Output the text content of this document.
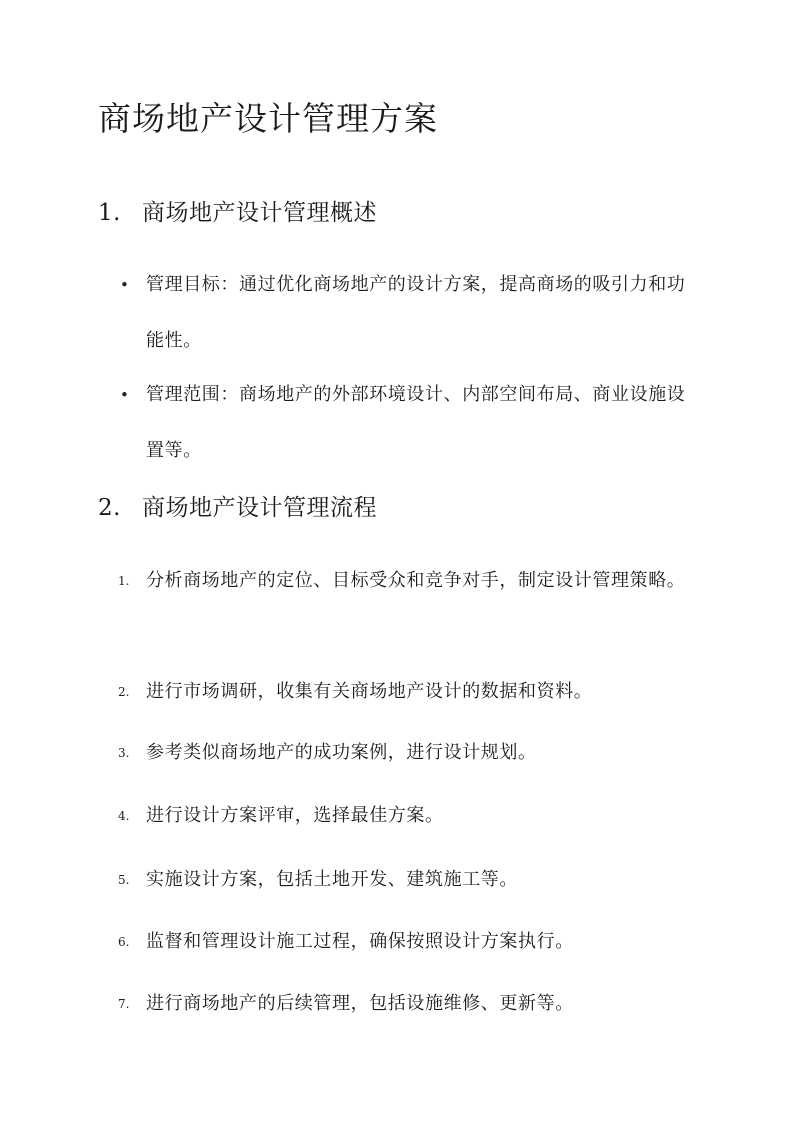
商场地产设计管理方案
1. 商场地产设计管理概述
• 管理目标：通过优化商场地产的设计方案，提高商场的吸引力和功能性。
• 管理范围：商场地产的外部环境设计、内部空间布局、商业设施设置等。
2. 商场地产设计管理流程
1. 分析商场地产的定位、目标受众和竞争对手，制定设计管理策略。
2. 进行市场调研，收集有关商场地产设计的数据和资料。
3. 参考类似商场地产的成功案例，进行设计规划。
4. 进行设计方案评审，选择最佳方案。
5. 实施设计方案，包括土地开发、建筑施工等。
6. 监督和管理设计施工过程，确保按照设计方案执行。
7. 进行商场地产的后续管理，包括设施维修、更新等。
